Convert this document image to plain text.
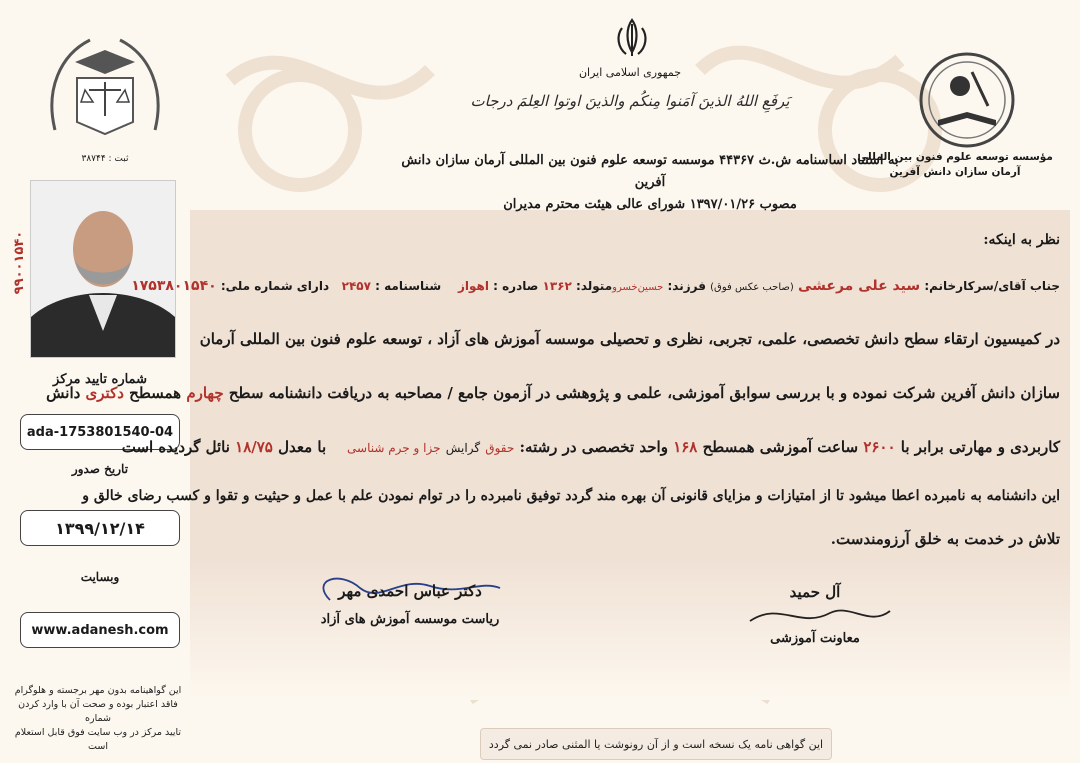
جمهوری اسلامی ایران
یَرفَعِ اللهُ الذینَ آمَنوا مِنکُم والذینَ اوتوا العِلمَ درجات
به استناد اساسنامه ش.ث ۴۴۳۶۷ موسسه توسعه علوم فنون بین المللی آرمان سازان دانش آفرین
مصوب ۱۳۹۷/۰۱/۲۶ شورای عالی هیئت محترم مدیران
مؤسسه توسعه علوم فنون بین المللی
آرمان سازان دانش آفرین
ثبت : ۳۸۷۴۴
۹۹۰۰۱۵۴۰
شماره تایید مرکز
ada-1753801540-04
تاریخ صدور
۱۳۹۹/۱۲/۱۴
وبسایت
www.adanesh.com
این گواهینامه بدون مهر برجسته و هلوگرام
فاقد اعتبار بوده و صحت آن با وارد کردن شماره
تایید مرکز در وب سایت فوق قابل استعلام است
نظر به اینکه:
جناب آقای/سرکارخانم: سید علی مرعشی (صاحب عکس فوق) فرزند: حسین‌خسرومتولد: ۱۳۶۲ صادره : اهواز    شناسنامه : ۲۴۵۷   دارای شماره ملی: ۱۷۵۳۸۰۱۵۴۰
در کمیسیون ارتقاء سطح دانش تخصصی، علمی، تجربی، نظری و تحصیلی موسسه آموزش های آزاد ، توسعه علوم فنون بین المللی آرمان
سازان دانش آفرین شرکت نموده و با بررسی سوابق آموزشی، علمی و پژوهشی در آزمون جامع / مصاحبه به دریافت دانشنامه سطح چهارم همسطح دکتری دانش
کاربردی و مهارتی برابر با ۲۶۰۰ ساعت آموزشی همسطح ۱۶۸ واحد تخصصی در رشته: حقوق گرایش جزا و جرم شناسی    با معدل ۱۸/۷۵ نائل گردیده است
این دانشنامه به نامبرده اعطا میشود تا از امتیازات و مزایای قانونی آن بهره مند گردد توفیق نامبرده را در توام نمودن علم با عمل و حیثیت و تقوا و کسب رضای خالق و
تلاش در خدمت به خلق آرزومندست.
دکتر عباس احمدی مهر
ریاست موسسه آموزش های آزاد
آل حمید
معاونت آموزشی
این گواهی نامه یک نسخه است و از آن رونوشت یا المثنی صادر نمی گردد
